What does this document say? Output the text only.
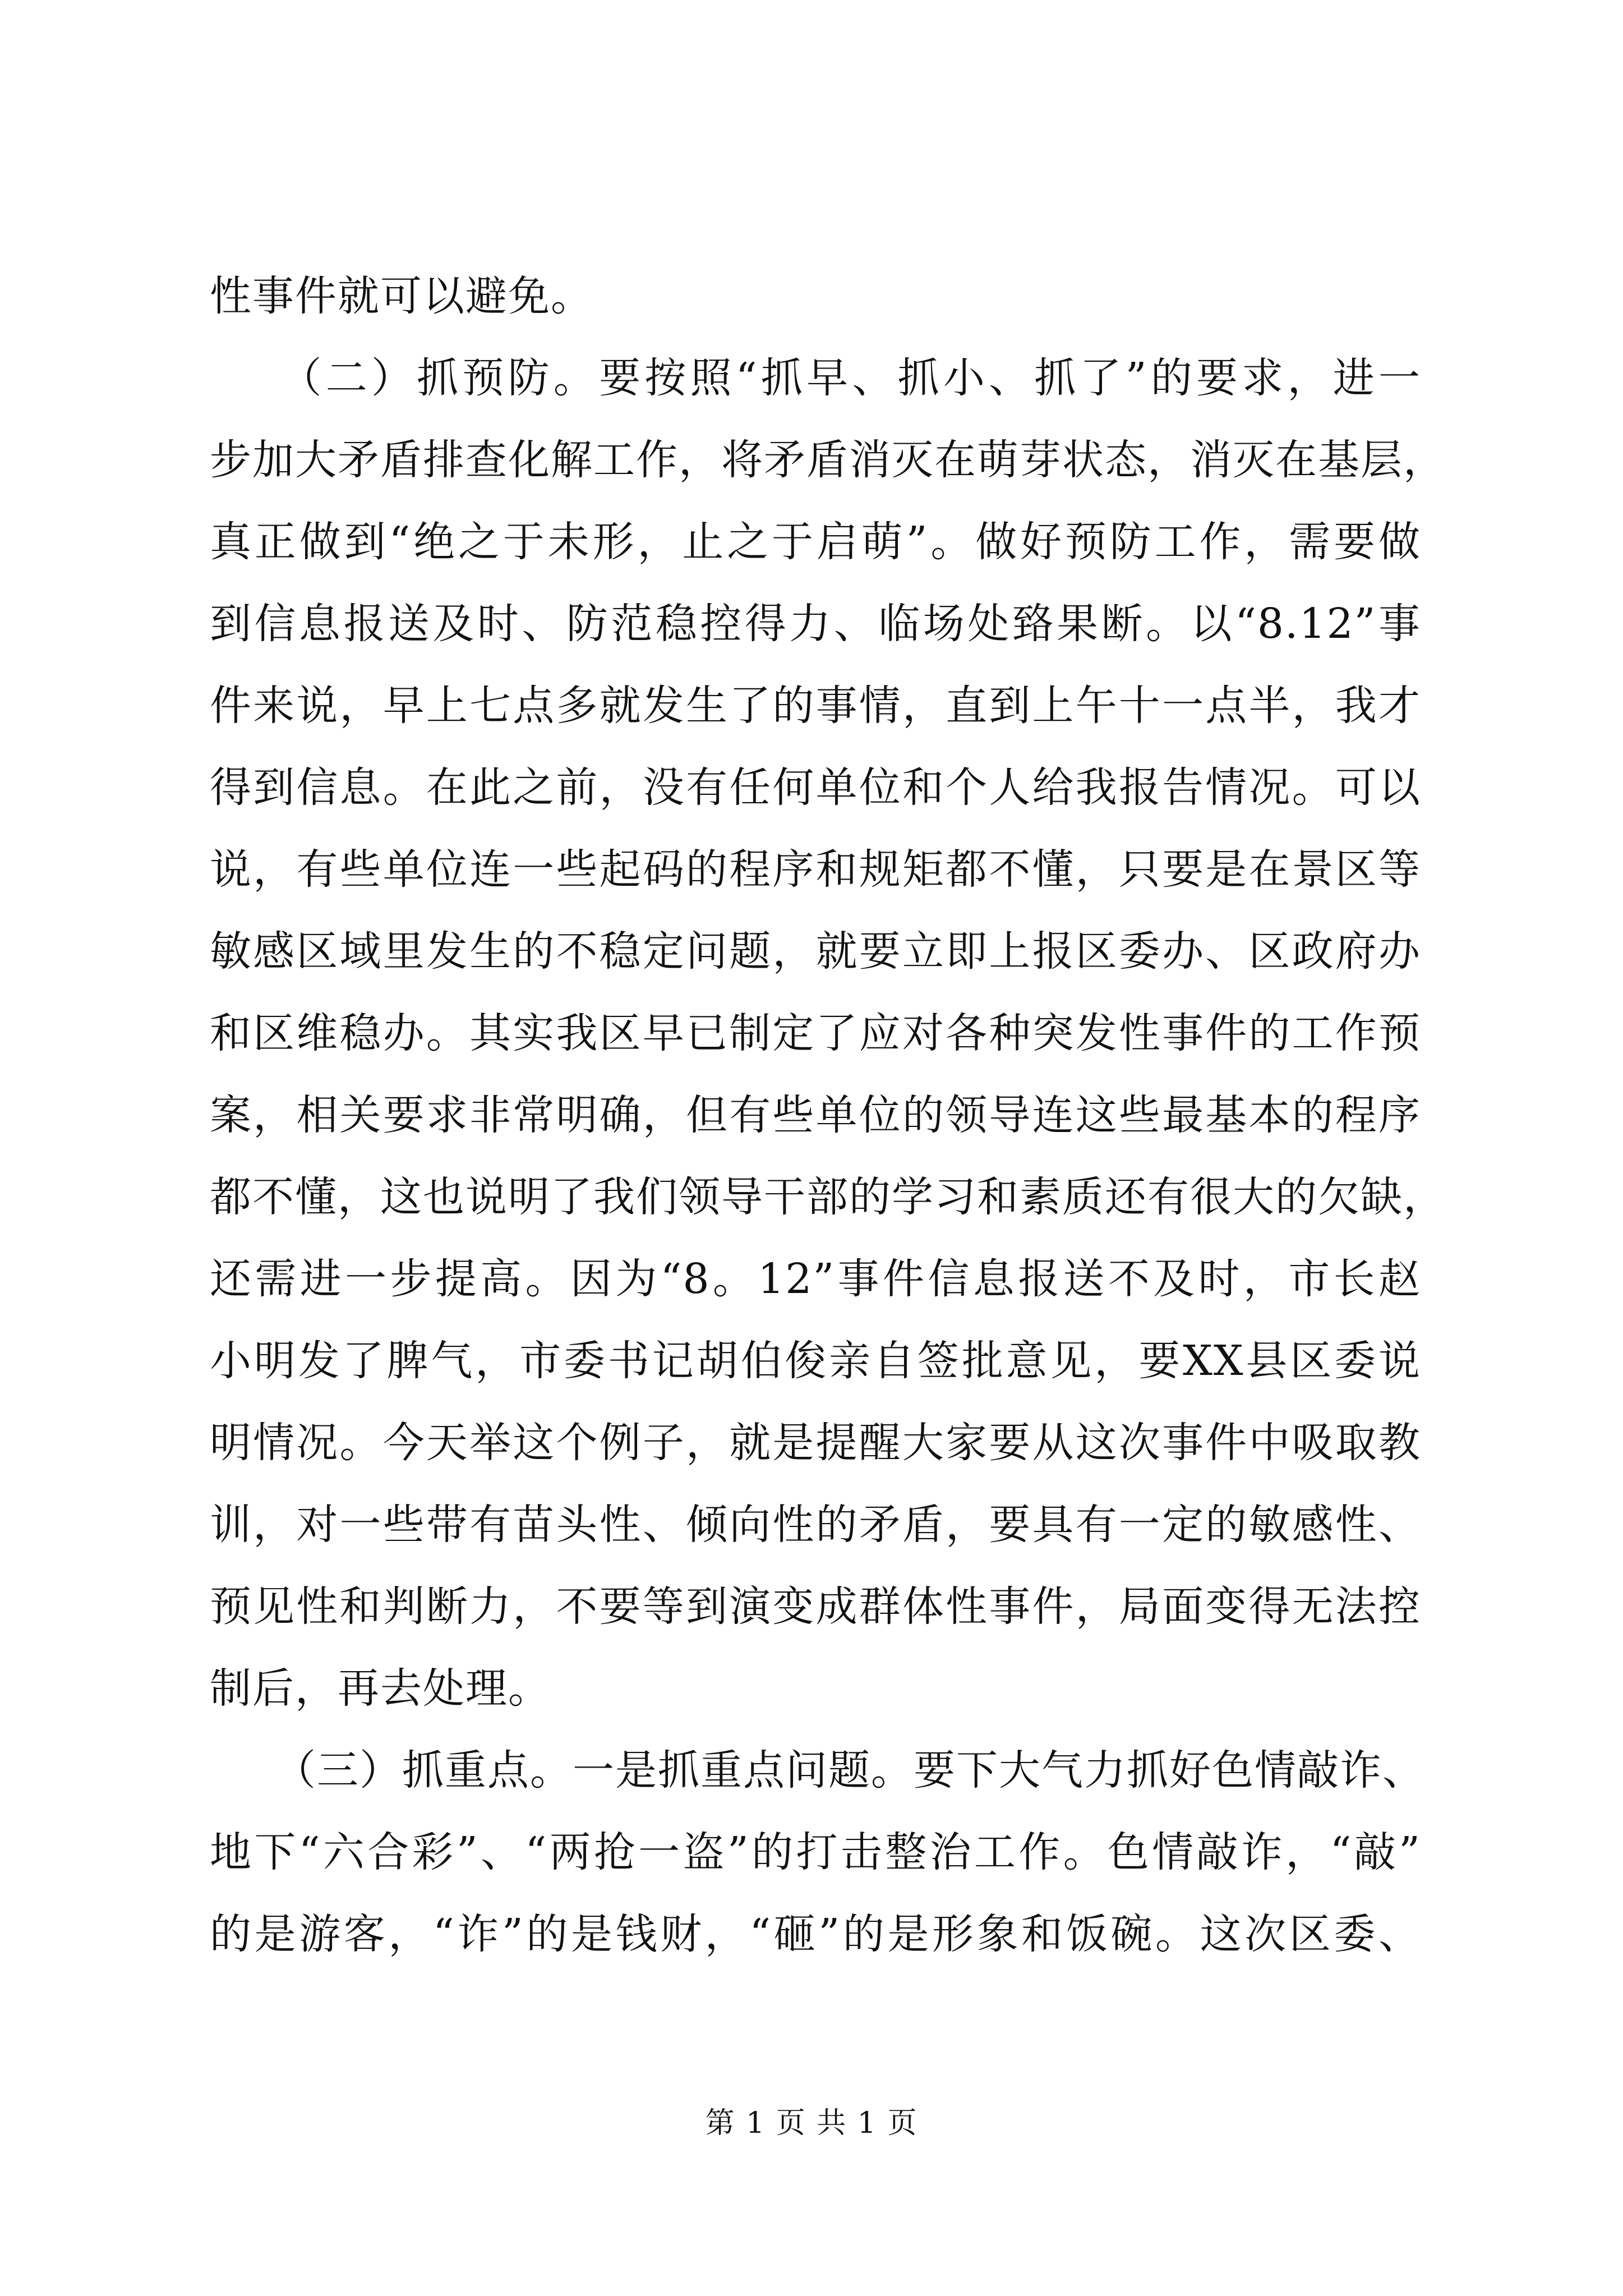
性事件就可以避免。
　　（二）抓预防。要按照“抓早、抓小、抓了”的要求，进一
步加大矛盾排查化解工作，将矛盾消灭在萌芽状态，消灭在基层，
真正做到“绝之于未形，止之于启萌”。做好预防工作，需要做
到信息报送及时、防范稳控得力、临场处臵果断。以“8.12”事
件来说，早上七点多就发生了的事情，直到上午十一点半，我才
得到信息。在此之前，没有任何单位和个人给我报告情况。可以
说，有些单位连一些起码的程序和规矩都不懂，只要是在景区等
敏感区域里发生的不稳定问题，就要立即上报区委办、区政府办
和区维稳办。其实我区早已制定了应对各种突发性事件的工作预
案，相关要求非常明确，但有些单位的领导连这些最基本的程序
都不懂，这也说明了我们领导干部的学习和素质还有很大的欠缺，
还需进一步提高。因为“8。12”事件信息报送不及时，市长赵
小明发了脾气，市委书记胡伯俊亲自签批意见，要XX县区委说
明情况。今天举这个例子，就是提醒大家要从这次事件中吸取教
训，对一些带有苗头性、倾向性的矛盾，要具有一定的敏感性、
预见性和判断力，不要等到演变成群体性事件，局面变得无法控
制后，再去处理。
　　（三）抓重点。一是抓重点问题。要下大气力抓好色情敲诈、
地下“六合彩”、“两抢一盗”的打击整治工作。色情敲诈，“敲”
的是游客，“诈”的是钱财，“砸”的是形象和饭碗。这次区委、
第 1 页 共 1 页
